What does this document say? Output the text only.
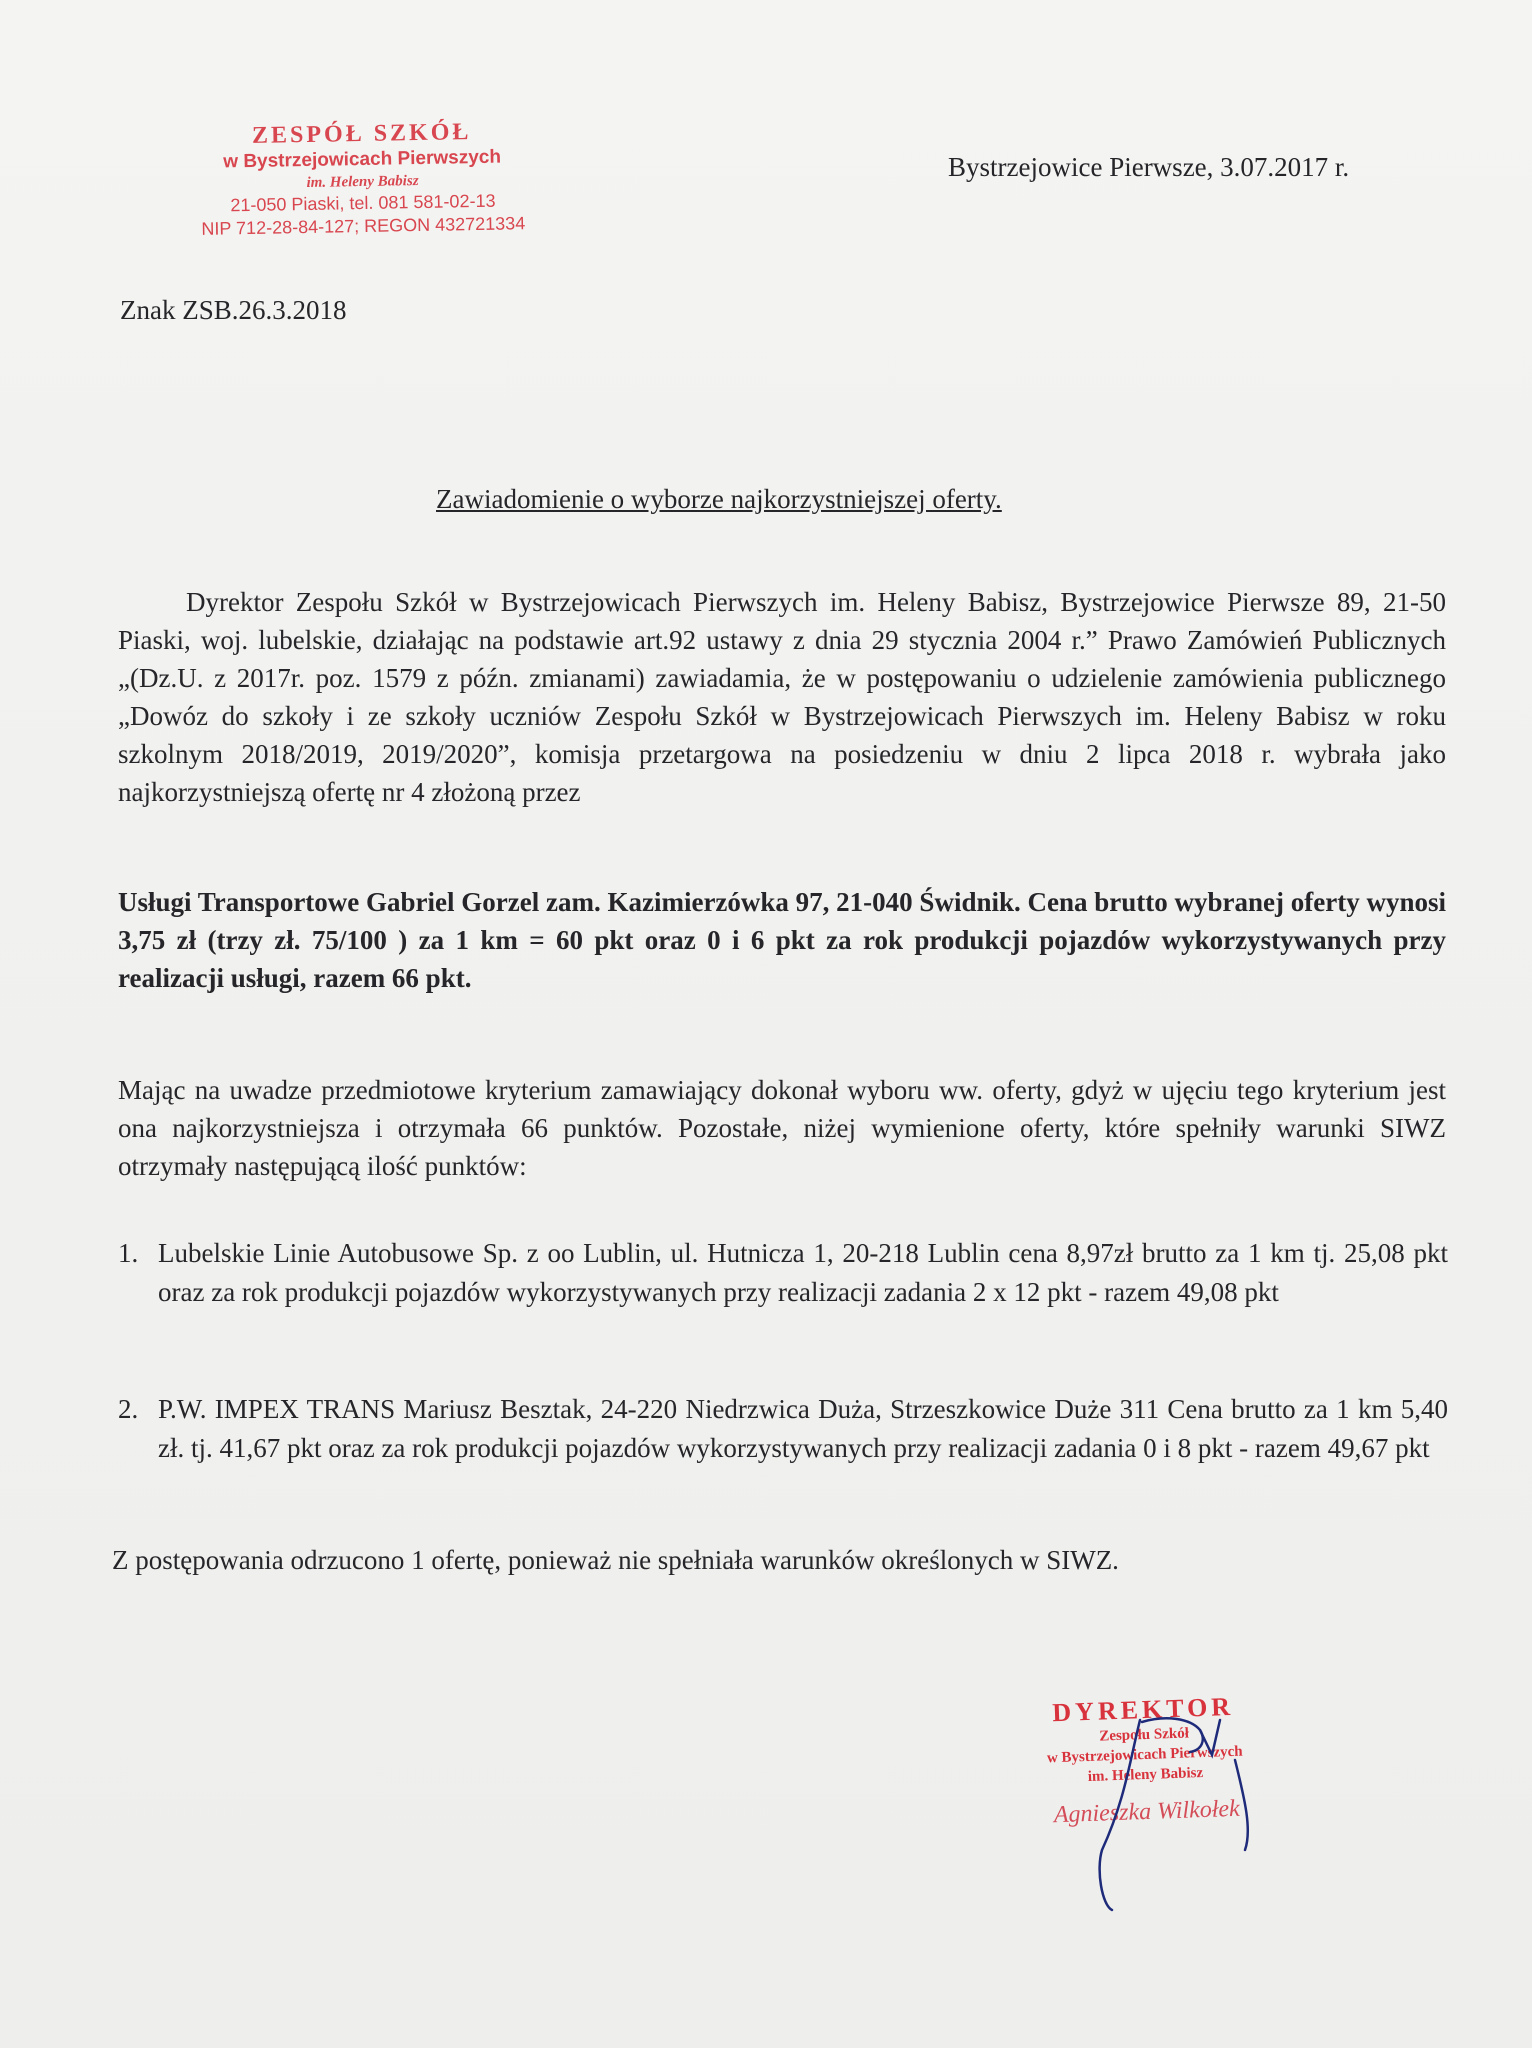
ZESPÓŁ SZKÓŁ
w Bystrzejowicach Pierwszych
im. Heleny Babisz
21-050 Piaski, tel. 081 581-02-13
NIP 712-28-84-127; REGON 432721334
Bystrzejowice Pierwsze, 3.07.2017 r.
Znak ZSB.26.3.2018
Zawiadomienie o wyborze najkorzystniejszej oferty.

Dyrektor Zespołu Szkół w Bystrzejowicach Pierwszych im. Heleny Babisz, Bystrzejowice Pierwsze 89, 21-50 Piaski, woj. lubelskie, działając na podstawie art.92 ustawy z dnia 29 stycznia 2004 r.” Prawo Zamówień Publicznych „(Dz.U. z 2017r. poz. 1579 z późn. zmianami) zawiadamia, że w postępowaniu o udzielenie zamówienia publicznego „Dowóz do szkoły i ze szkoły uczniów Zespołu Szkół w Bystrzejowicach Pierwszych im. Heleny Babisz w roku szkolnym 2018/2019, 2019/2020”, komisja przetargowa na posiedzeniu w dniu 2 lipca 2018 r. wybrała jako najkorzystniejszą ofertę nr 4 złożoną przez

Usługi Transportowe Gabriel Gorzel zam. Kazimierzówka 97, 21-040 Świdnik. Cena brutto wybranej oferty wynosi 3,75 zł (trzy zł. 75/100 ) za 1 km = 60 pkt oraz 0 i 6 pkt za rok produkcji pojazdów wykorzystywanych przy realizacji usługi, razem 66 pkt.

Mając na uwadze przedmiotowe kryterium zamawiający dokonał wyboru ww. oferty, gdyż w ujęciu tego kryterium jest ona najkorzystniejsza i otrzymała 66 punktów. Pozostałe, niżej wymienione oferty, które spełniły warunki SIWZ otrzymały następującą ilość punktów:

1. Lubelskie Linie Autobusowe Sp. z oo Lublin, ul. Hutnicza 1, 20-218 Lublin cena 8,97zł brutto za 1 km tj. 25,08 pkt oraz za rok produkcji pojazdów wykorzystywanych przy realizacji zadania 2 x 12 pkt - razem 49,08 pkt
2. P.W. IMPEX TRANS Mariusz Besztak, 24-220 Niedrzwica Duża, Strzeszkowice Duże 311 Cena brutto za 1 km 5,40 zł. tj. 41,67 pkt oraz za rok produkcji pojazdów wykorzystywanych przy realizacji zadania 0 i 8 pkt - razem 49,67 pkt
Z postępowania odrzucono 1 ofertę, ponieważ nie spełniała warunków określonych w SIWZ.
DYREKTOR
Zespołu Szkół
w Bystrzejowicach Pierwszych
im. Heleny Babisz
Agnieszka Wilkołek
